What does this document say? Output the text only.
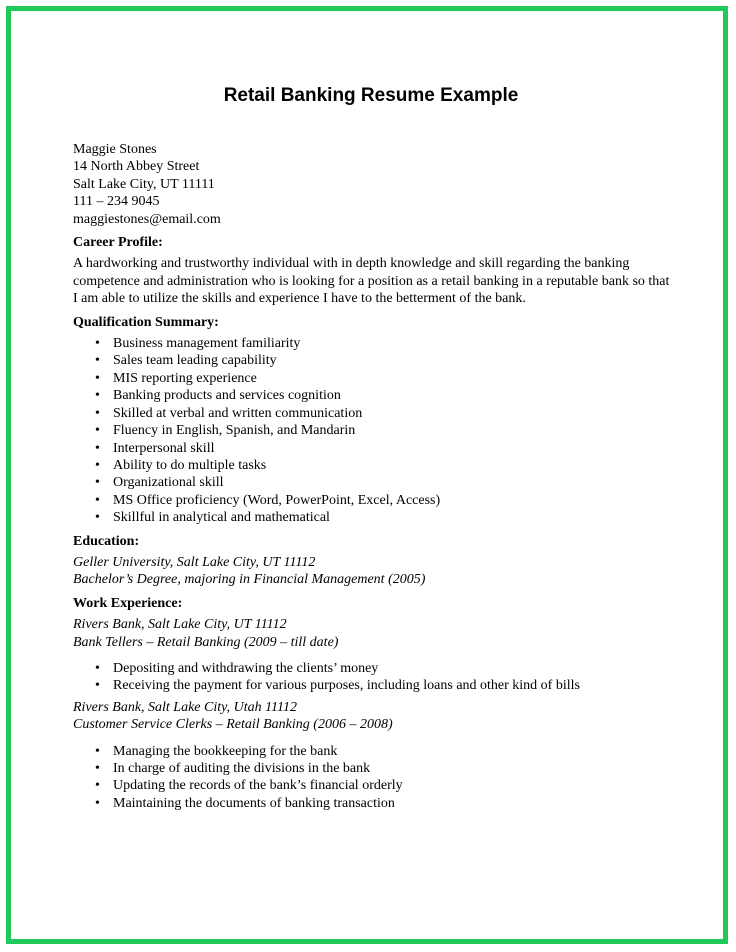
Retail Banking Resume Example

Maggie Stones

14 North Abbey Street

Salt Lake City, UT 11111

111 – 234 9045

maggiestones@email.com

Career Profile:

A hardworking and trustworthy individual with in depth knowledge and skill regarding the banking competence and administration who is looking for a position as a retail banking in a reputable bank so that I am able to utilize the skills and experience I have to the betterment of the bank.

Qualification Summary:

• Business management familiarity
• Sales team leading capability
• MIS reporting experience
• Banking products and services cognition
• Skilled at verbal and written communication
• Fluency in English, Spanish, and Mandarin
• Interpersonal skill
• Ability to do multiple tasks
• Organizational skill
• MS Office proficiency (Word, PowerPoint, Excel, Access)
• Skillful in analytical and mathematical

Education:

Geller University, Salt Lake City, UT 11112

Bachelor’s Degree, majoring in Financial Management (2005)

Work Experience:

Rivers Bank, Salt Lake City, UT 11112

Bank Tellers – Retail Banking (2009 – till date)

• Depositing and withdrawing the clients’ money
• Receiving the payment for various purposes, including loans and other kind of bills

Rivers Bank, Salt Lake City, Utah 11112

Customer Service Clerks – Retail Banking (2006 – 2008)

• Managing the bookkeeping for the bank
• In charge of auditing the divisions in the bank
• Updating the records of the bank’s financial orderly
• Maintaining the documents of banking transaction
